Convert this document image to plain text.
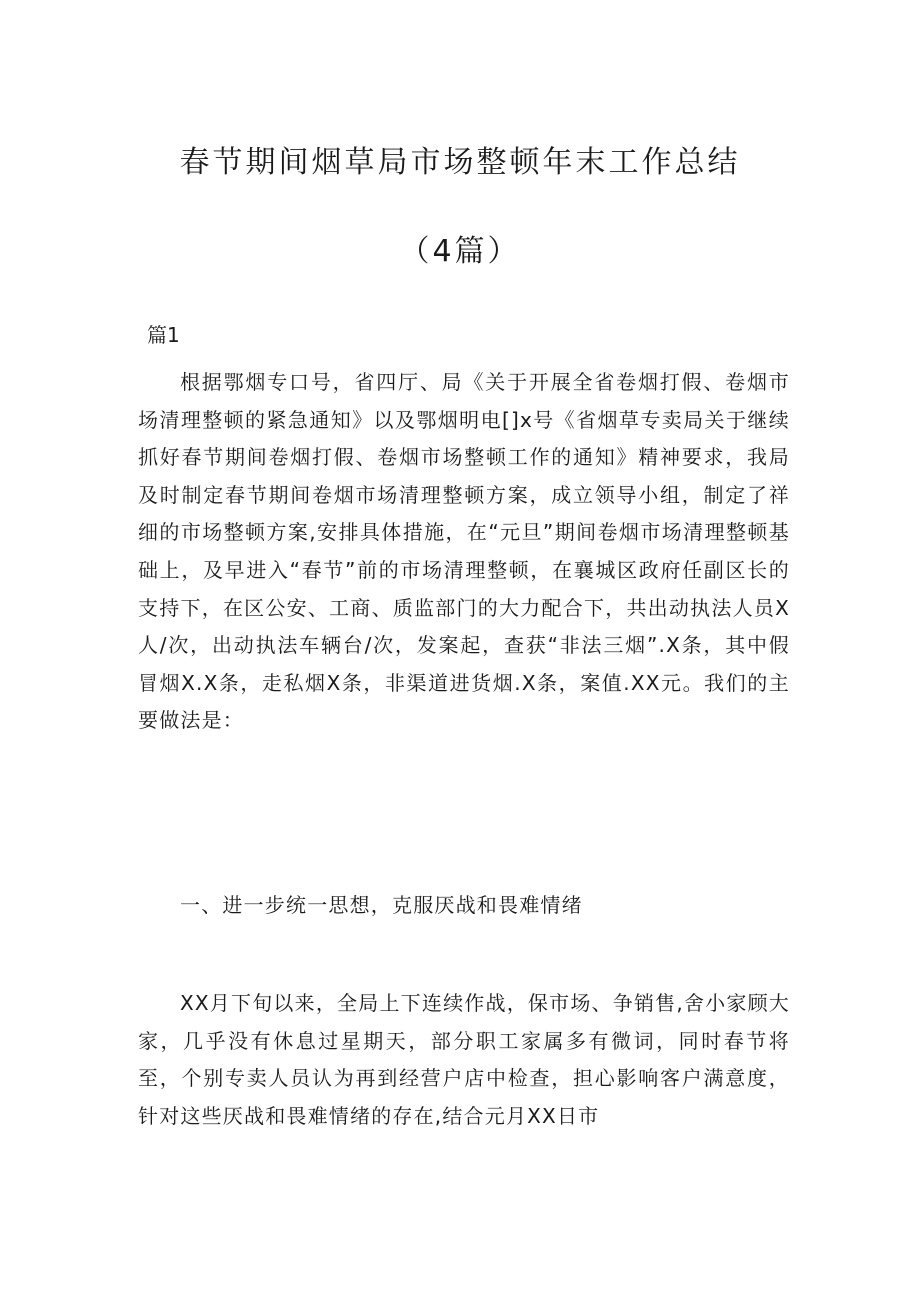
春节期间烟草局市场整顿年末工作总结
（4篇）
篇1

根据鄂烟专口号，省四厅、局《关于开展全省卷烟打假、卷烟市场清理整顿的紧急通知》以及鄂烟明电[]x号《省烟草专卖局关于继续抓好春节期间卷烟打假、卷烟市场整顿工作的通知》精神要求，我局及时制定春节期间卷烟市场清理整顿方案，成立领导小组，制定了祥细的市场整顿方案,安排具体措施，在“元旦”期间卷烟市场清理整顿基础上，及早进入“春节”前的市场清理整顿，在襄城区政府任副区长的支持下，在区公安、工商、质监部门的大力配合下，共出动执法人员X人/次，出动执法车辆台/次，发案起，查获“非法三烟”.X条，其中假冒烟X.X条，走私烟X条，非渠道进货烟.X条，案值.XX元。我们的主要做法是：

一、进一步统一思想，克服厌战和畏难情绪

XX月下旬以来，全局上下连续作战，保市场、争销售,舍小家顾大家，几乎没有休息过星期天，部分职工家属多有微词，同时春节将至，个别专卖人员认为再到经营户店中检查，担心影响客户满意度，针对这些厌战和畏难情绪的存在,结合元月XX日市
